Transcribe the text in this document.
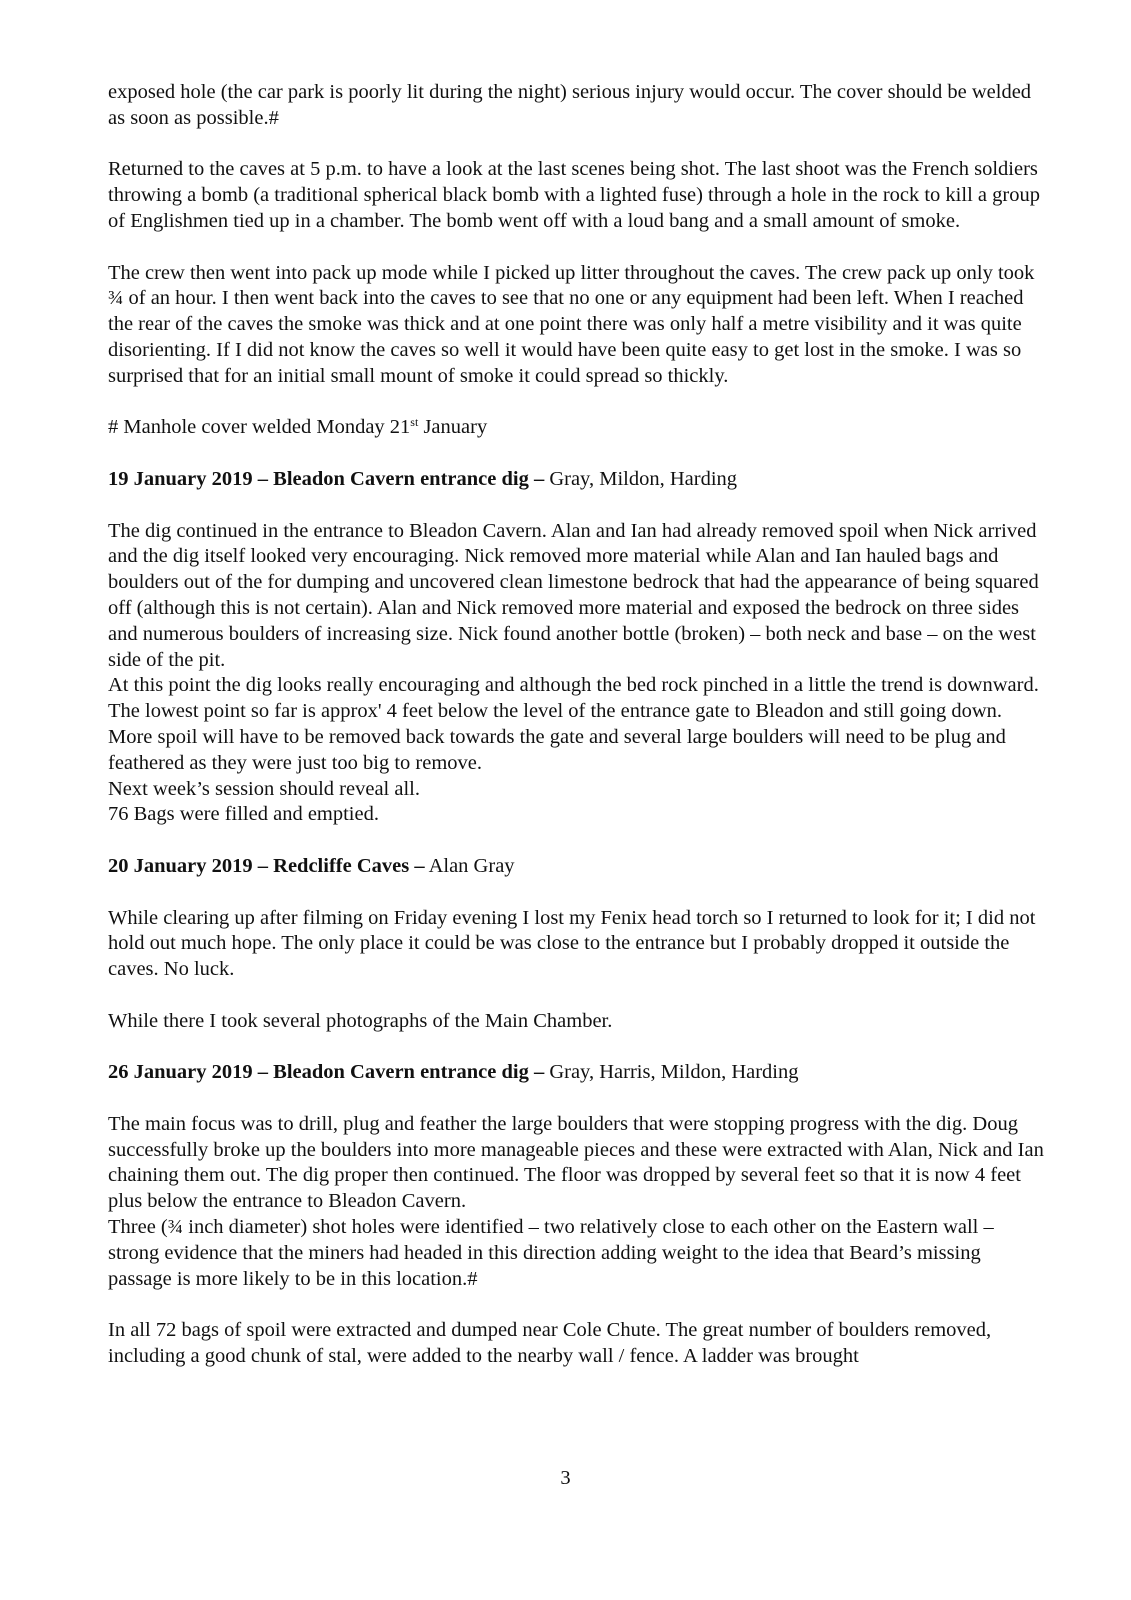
exposed hole (the car park is poorly lit during the night) serious injury would occur. The cover should be welded as soon as possible.#

Returned to the caves at 5 p.m. to have a look at the last scenes being shot. The last shoot was the French soldiers throwing a bomb (a traditional spherical black bomb with a lighted fuse) through a hole in the rock to kill a group of Englishmen tied up in a chamber. The bomb went off with a loud bang and a small amount of smoke.

The crew then went into pack up mode while I picked up litter throughout the caves. The crew pack up only took ¾ of an hour. I then went back into the caves to see that no one or any equipment had been left. When I reached the rear of the caves the smoke was thick and at one point there was only half a metre visibility and it was quite disorienting. If I did not know the caves so well it would have been quite easy to get lost in the smoke. I was so surprised that for an initial small mount of smoke it could spread so thickly.

# Manhole cover welded Monday 21st January

19 January 2019 – Bleadon Cavern entrance dig – Gray, Mildon, Harding

The dig continued in the entrance to Bleadon Cavern. Alan and Ian had already removed spoil when Nick arrived and the dig itself looked very encouraging. Nick removed more material while Alan and Ian hauled bags and boulders out of the for dumping and uncovered clean limestone bedrock that had the appearance of being squared off (although this is not certain). Alan and Nick removed more material and exposed the bedrock on three sides and numerous boulders of increasing size. Nick found another bottle (broken) – both neck and base – on the west side of the pit.

At this point the dig looks really encouraging and although the bed rock pinched in a little the trend is downward. The lowest point so far is approx' 4 feet below the level of the entrance gate to Bleadon and still going down.

More spoil will have to be removed back towards the gate and several large boulders will need to be plug and feathered as they were just too big to remove.

Next week’s session should reveal all.

76 Bags were filled and emptied.

20 January 2019 – Redcliffe Caves – Alan Gray

While clearing up after filming on Friday evening I lost my Fenix head torch so I returned to look for it; I did not hold out much hope. The only place it could be was close to the entrance but I probably dropped it outside the caves. No luck.

While there I took several photographs of the Main Chamber.

26 January 2019 – Bleadon Cavern entrance dig – Gray, Harris, Mildon, Harding

The main focus was to drill, plug and feather the large boulders that were stopping progress with the dig. Doug successfully broke up the boulders into more manageable pieces and these were extracted with Alan, Nick and Ian chaining them out. The dig proper then continued. The floor was dropped by several feet so that it is now 4 feet plus below the entrance to Bleadon Cavern.

Three (¾ inch diameter) shot holes were identified – two relatively close to each other on the Eastern wall – strong evidence that the miners had headed in this direction adding weight to the idea that Beard’s missing passage is more likely to be in this location.#

In all 72 bags of spoil were extracted and dumped near Cole Chute. The great number of boulders removed, including a good chunk of stal, were added to the nearby wall / fence. A ladder was brought

3
